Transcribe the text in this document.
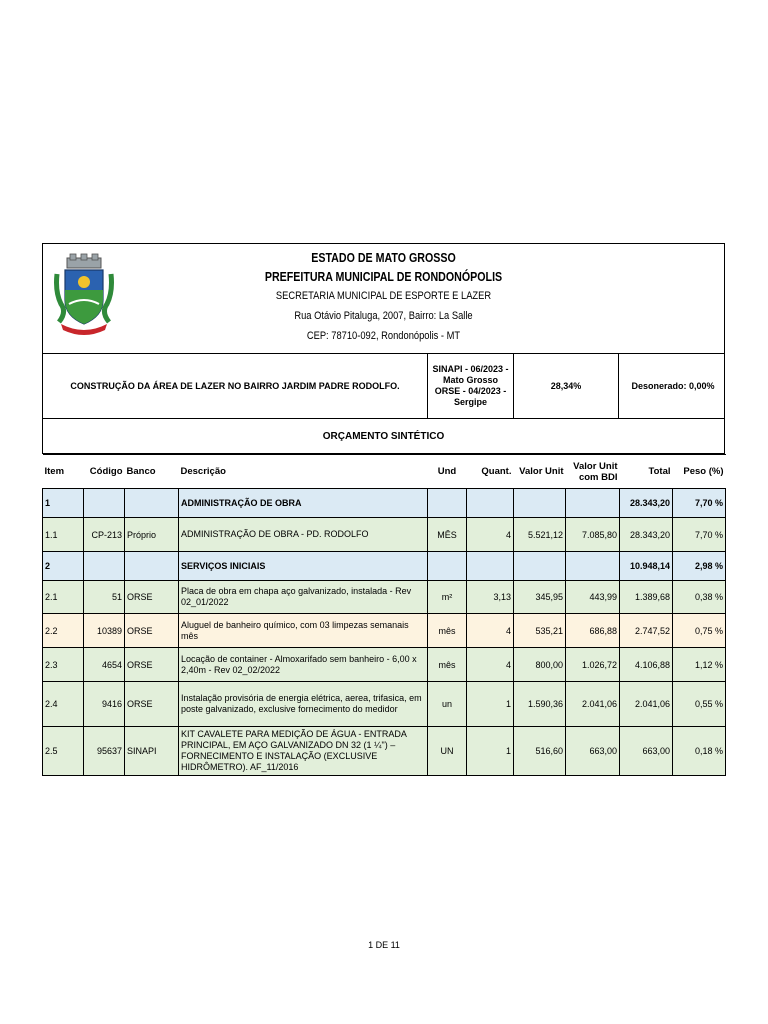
ESTADO DE MATO GROSSO
PREFEITURA MUNICIPAL DE RONDONÓPOLIS
SECRETARIA MUNICIPAL DE ESPORTE E LAZER
Rua Otávio Pitaluga, 2007, Bairro: La Salle
CEP: 78710-092, Rondonópolis - MT
CONSTRUÇÃO DA ÁREA DE LAZER NO BAIRRO JARDIM PADRE RODOLFO.
SINAPI - 06/2023 - Mato Grosso
ORSE - 04/2023 - Sergipe
28,34%	Desonerado: 0,00%
ORÇAMENTO SINTÉTICO
Item	Código	Banco	Descrição	Und	Quant.	Valor Unit	Valor Unit com BDI	Total	Peso (%)
1			ADMINISTRAÇÃO DE OBRA					28.343,20	7,70 %
1.1	CP-213	Próprio	ADMINISTRAÇÃO DE OBRA - PD. RODOLFO	MÊS	4	5.521,12	7.085,80	28.343,20	7,70 %
2			SERVIÇOS INICIAIS					10.948,14	2,98 %
2.1	51	ORSE	Placa de obra em chapa aço galvanizado, instalada - Rev 02_01/2022	m²	3,13	345,95	443,99	1.389,68	0,38 %
2.2	10389	ORSE	Aluguel de banheiro químico, com 03 limpezas semanais mês	mês	4	535,21	686,88	2.747,52	0,75 %
2.3	4654	ORSE	Locação de container - Almoxarifado sem banheiro - 6,00 x 2,40m - Rev 02_02/2022	mês	4	800,00	1.026,72	4.106,88	1,12 %
2.4	9416	ORSE	Instalação provisória de energia elétrica, aerea, trifasica, em poste galvanizado, exclusive fornecimento do medidor	un	1	1.590,36	2.041,06	2.041,06	0,55 %
2.5	95637	SINAPI	KIT CAVALETE PARA MEDIÇÃO DE ÁGUA - ENTRADA PRINCIPAL, EM AÇO GALVANIZADO DN 32 (1 ¼") – FORNECIMENTO E INSTALAÇÃO (EXCLUSIVE HIDRÔMETRO). AF_11/2016	UN	1	516,60	663,00	663,00	0,18 %
1 DE 11
